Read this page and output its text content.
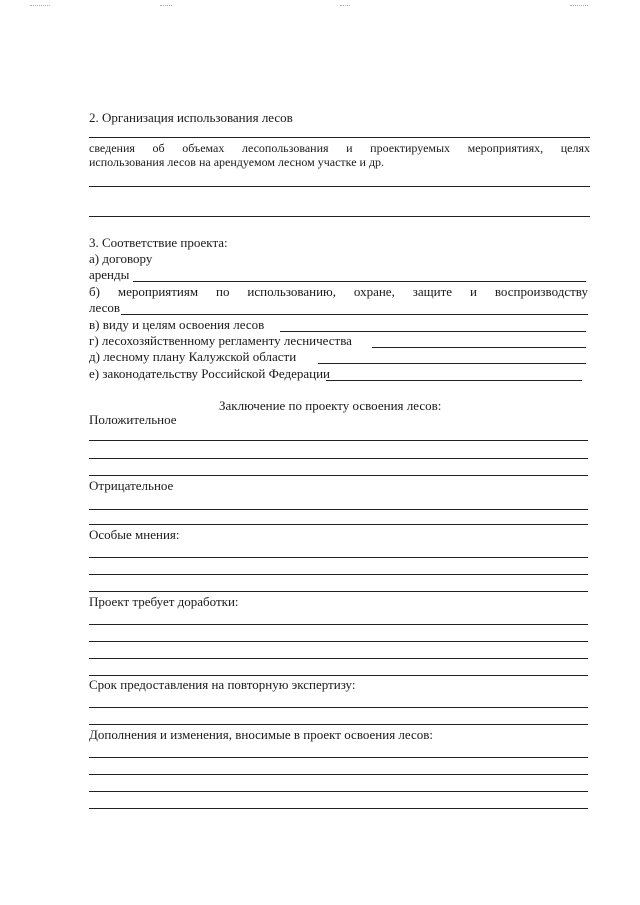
2. Организация использования лесов
сведения об объемах лесопользования и проектируемых мероприятиях, целях
использования лесов на арендуемом лесном участке и др.
3. Соответствие проекта:
а) договору
аренды
б) мероприятиям по использованию, охране, защите и воспроизводству
лесов
в) виду и целям освоения лесов
г) лесохозяйственному регламенту лесничества
д) лесному плану Калужской области
е) законодательству Российской Федерации
Заключение по проекту освоения лесов:
Положительное
Отрицательное
Особые мнения:
Проект требует доработки:
Срок предоставления на повторную экспертизу:
Дополнения и изменения, вносимые в проект освоения лесов:
